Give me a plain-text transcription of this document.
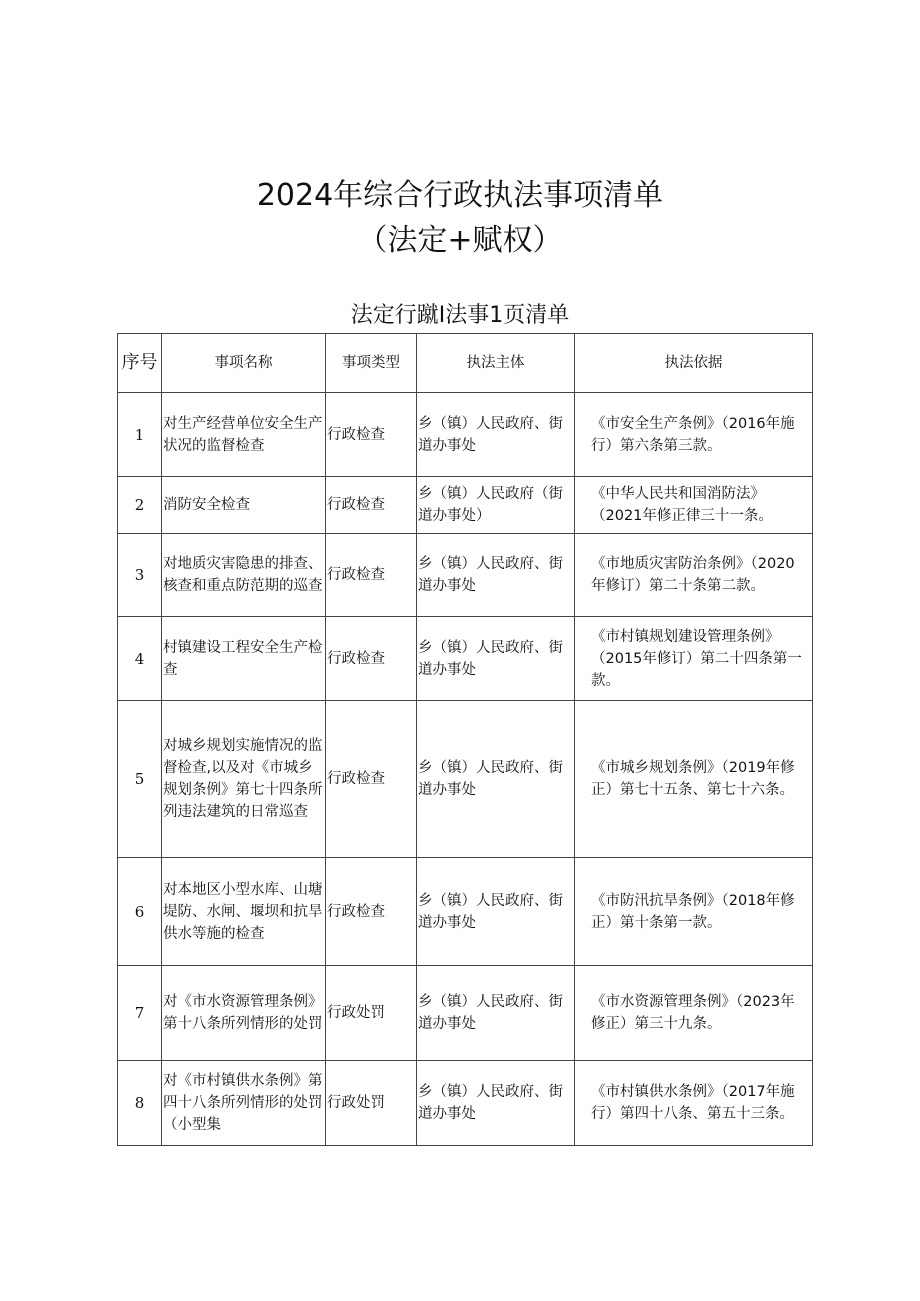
2024年综合行政执法事项清单
（法定+赋权）
法定行蹴I法事1页清单
序号	事项名称	事项类型	执法主体	执法依据
1	对生产经营单位安全生产状况的监督检查	行政检查	乡（镇）人民政府、街道办事处	《市安全生产条例》（2016年施行）第六条第三款。
2	消防安全检查	行政检查	乡（镇）人民政府（街道办事处）	《中华人民共和国消防法》（2021年修正律三十一条。
3	对地质灾害隐患的排查、核查和重点防范期的巡查	行政检查	乡（镇）人民政府、街道办事处	《市地质灾害防治条例》（2020年修订）第二十条第二款。
4	村镇建设工程安全生产检查	行政检查	乡（镇）人民政府、街道办事处	《市村镇规划建设管理条例》（2015年修订）第二十四条第一款。
5	对城乡规划实施情况的监督检查,以及对《市城乡规划条例》第七十四条所列违法建筑的日常巡查	行政检查	乡（镇）人民政府、街道办事处	《市城乡规划条例》（2019年修正）第七十五条、第七十六条。
6	对本地区小型水库、山塘堤防、水闸、堰坝和抗旱供水等施的检查	行政检查	乡（镇）人民政府、街道办事处	《市防汛抗旱条例》（2018年修正）第十条第一款。
7	对《市水资源管理条例》第十八条所列情形的处罚	行政处罚	乡（镇）人民政府、街道办事处	《市水资源管理条例》（2023年修正）第三十九条。
8	对《市村镇供水条例》第四十八条所列情形的处罚（小型集	行政处罚	乡（镇）人民政府、街道办事处	《市村镇供水条例》（2017年施行）第四十八条、第五十三条。
